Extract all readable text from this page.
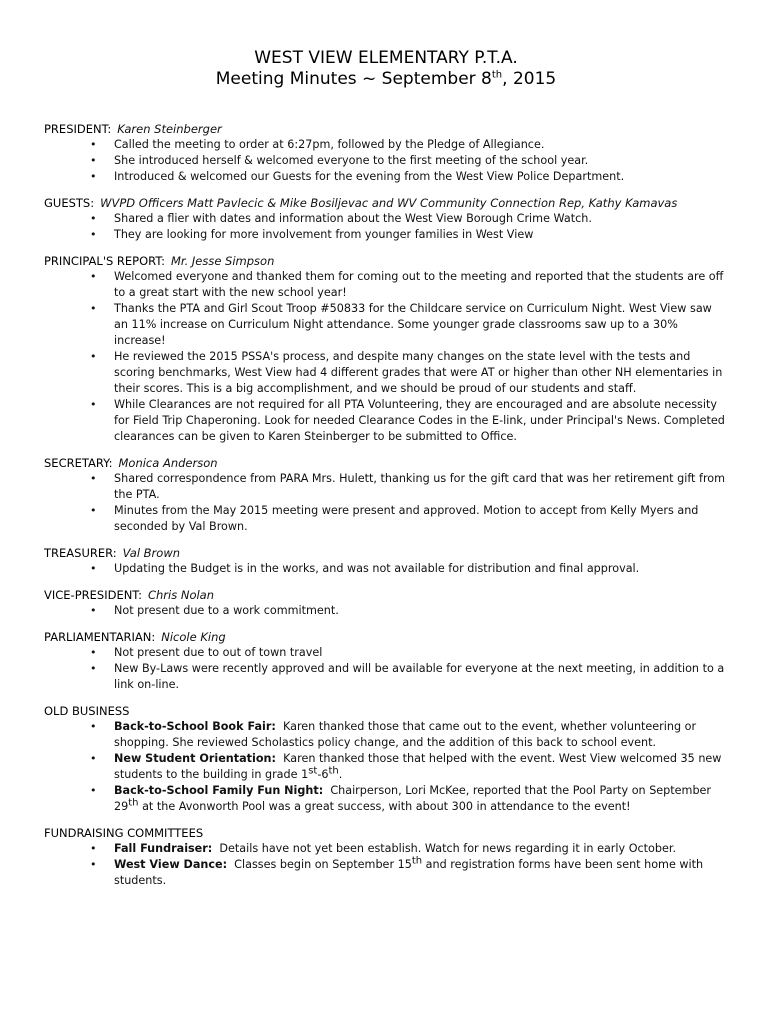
WEST VIEW ELEMENTARY P.T.A.
Meeting Minutes ~ September 8th, 2015
PRESIDENT: Karen Steinberger
• Called the meeting to order at 6:27pm, followed by the Pledge of Allegiance.
• She introduced herself & welcomed everyone to the first meeting of the school year.
• Introduced & welcomed our Guests for the evening from the West View Police Department.
GUESTS: WVPD Officers Matt Pavlecic & Mike Bosiljevac and WV Community Connection Rep, Kathy Kamavas
• Shared a flier with dates and information about the West View Borough Crime Watch.
• They are looking for more involvement from younger families in West View
PRINCIPAL'S REPORT: Mr. Jesse Simpson
• Welcomed everyone and thanked them for coming out to the meeting and reported that the students are off to a great start with the new school year!
• Thanks the PTA and Girl Scout Troop #50833 for the Childcare service on Curriculum Night. West View saw an 11% increase on Curriculum Night attendance. Some younger grade classrooms saw up to a 30% increase!
• He reviewed the 2015 PSSA's process, and despite many changes on the state level with the tests and scoring benchmarks, West View had 4 different grades that were AT or higher than other NH elementaries in their scores. This is a big accomplishment, and we should be proud of our students and staff.
• While Clearances are not required for all PTA Volunteering, they are encouraged and are absolute necessity for Field Trip Chaperoning. Look for needed Clearance Codes in the E-link, under Principal's News. Completed clearances can be given to Karen Steinberger to be submitted to Office.
SECRETARY: Monica Anderson
• Shared correspondence from PARA Mrs. Hulett, thanking us for the gift card that was her retirement gift from the PTA.
• Minutes from the May 2015 meeting were present and approved. Motion to accept from Kelly Myers and seconded by Val Brown.
TREASURER: Val Brown
• Updating the Budget is in the works, and was not available for distribution and final approval.
VICE-PRESIDENT: Chris Nolan
• Not present due to a work commitment.
PARLIAMENTARIAN: Nicole King
• Not present due to out of town travel
• New By-Laws were recently approved and will be available for everyone at the next meeting, in addition to a link on-line.
OLD BUSINESS
• Back-to-School Book Fair: Karen thanked those that came out to the event, whether volunteering or shopping. She reviewed Scholastics policy change, and the addition of this back to school event.
• New Student Orientation: Karen thanked those that helped with the event. West View welcomed 35 new students to the building in grade 1st-6th.
• Back-to-School Family Fun Night: Chairperson, Lori McKee, reported that the Pool Party on September 29th at the Avonworth Pool was a great success, with about 300 in attendance to the event!
FUNDRAISING COMMITTEES
• Fall Fundraiser: Details have not yet been establish. Watch for news regarding it in early October.
• West View Dance: Classes begin on September 15th and registration forms have been sent home with students.
